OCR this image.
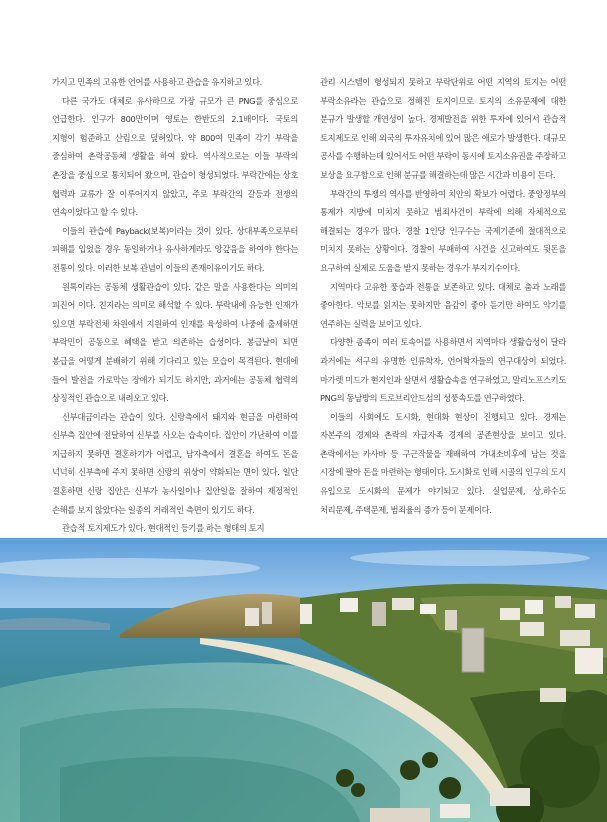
가지고 민족의 고유한 언어를 사용하고 관습을 유지하고 있다.

다른 국가도 대체로 유사하므로 가장 규모가 큰 PNG를 중심으로 언급한다. 인구가 800만이며 영토는 한반도의 2.1배이다. 국토의 지형이 험준하고 산림으로 덮혀있다. 약 800여 민족이 각기 부락을 중심하여 촌락공동체 생활을 하여 왔다. 역사적으로는 이들 부락의 촌장을 중심으로 통치되어 왔으며, 관습이 형성되었다. 부락간에는 상호 협력과 교류가 잘 이루어지지 않았고, 주로 부락간의 갈등과 전쟁의 연속이었다고 할 수 있다.

이들의 관습에 Payback(보복)이라는 것이 있다. 상대부족으로부터 피해를 입었을 경우 동일하거나 유사하게라도 앙갚음을 하여야 한다는 전통이 있다. 이러한 보복 관념이 이들의 존재이유이기도 하다.

원톡이라는 공동체 생활관습이 있다. 같은 말을 사용한다는 의미의 피진어 이다. 친지라는 의미로 해석할 수 있다. 부락내에 유능한 인재가 있으면 부락전체 차원에서 지원하여 인재를 육성하여 나중에 출세하면 부락민이 공동으로 혜택을 받고 의존하는 습성이다. 봉급날이 되면 봉급을 어떻게 분배하기 위해 기다리고 있는 모습이 목격된다. 현대에 들어 발전을 가로막는 장애가 되기도 하지만, 과거에는 공동체 협력의 상징적인 관습으로 내려오고 있다.

신부대금이라는 관습이 있다. 신랑측에서 돼지와 현금을 마련하여 신부측 집안에 전달하여 신부를 사오는 습속이다. 집안이 가난하여 이를 지급하지 못하면 결혼하기가 어렵고, 남자측에서 결혼을 하여도 돈을 넉넉히 신부측에 주지 못하면 신랑의 위상이 약화되는 면이 있다. 일단 결혼하면 신랑 집안은 신부가 농사일이나 집안일을 잘하여 재정적인 손해를 보지 않았다는 일종의 거래적인 측면이 있기도 하다.

관습적 토지제도가 있다. 현대적인 등기를 하는 형태의 토지

관리 시스템이 형성되지 못하고 부락단위로 어떤 지역의 토지는 어떤 부락소유라는 관습으로 정해진 토지이므로 토지의 소유문제에 대한 분규가 발생할 개연성이 높다. 경제발전을 위한 투자에 있어서 관습적 토지제도로 인해 외국의 투자유치에 있어 많은 애로가 발생한다. 대규모 공사를 수행하는데 있어서도 어떤 부락이 동시에 토지소유권을 주장하고 보상을 요구함으로 인해 분규를 해결하는데 많은 시간과 비용이 든다.

부락간의 투쟁의 역사를 반영하여 치안의 확보가 어렵다. 중앙정부의 통제가 지방에 미치지 못하고 범죄사건이 부락에 의해 자체적으로 해결되는 경우가 많다. 경찰 1인당 인구수는 국제기준에 절대적으로 미치지 못하는 상황이다. 경찰이 부패하여 사건을 신고하여도 뒷돈을 요구하여 실제로 도움을 받지 못하는 경우가 부지기수이다.

지역마다 고유한 풍습과 전통을 보존하고 있다. 대체로 춤과 노래를 좋아한다. 악보를 읽지는 못하지만 음감이 좋아 듣기만 하여도 악기를 연주하는 실력을 보이고 있다.

다양한 종족이 여러 토속어를 사용하면서 지역마다 생활습성이 달라 과거에는 서구의 유명한 인류학자, 언어학자들의 연구대상이 되었다. 마가렛 미드가 현지인과 살면서 생활습속을 연구하였고, 말리노프스키도 PNG의 동남방의 트로브리안드섬의 성풍속도를 연구하였다.

이들의 사회에도 도시화, 현대화 현상이 진행되고 있다. 경제는 자본주의 경제와 촌락의 자급자족 경제의 공존현상을 보이고 있다. 촌락에서는 카사바 등 구근작물을 재배하여 가내소비후에 남는 것을 시장에 팔아 돈을 마련하는 형태이다. 도시화로 인해 시골의 인구의 도시 유입으로 도시화의 문제가 야기되고 있다. 실업문제, 상,하수도 처리문제, 주택문제, 범죄율의 증가 등이 문제이다.
